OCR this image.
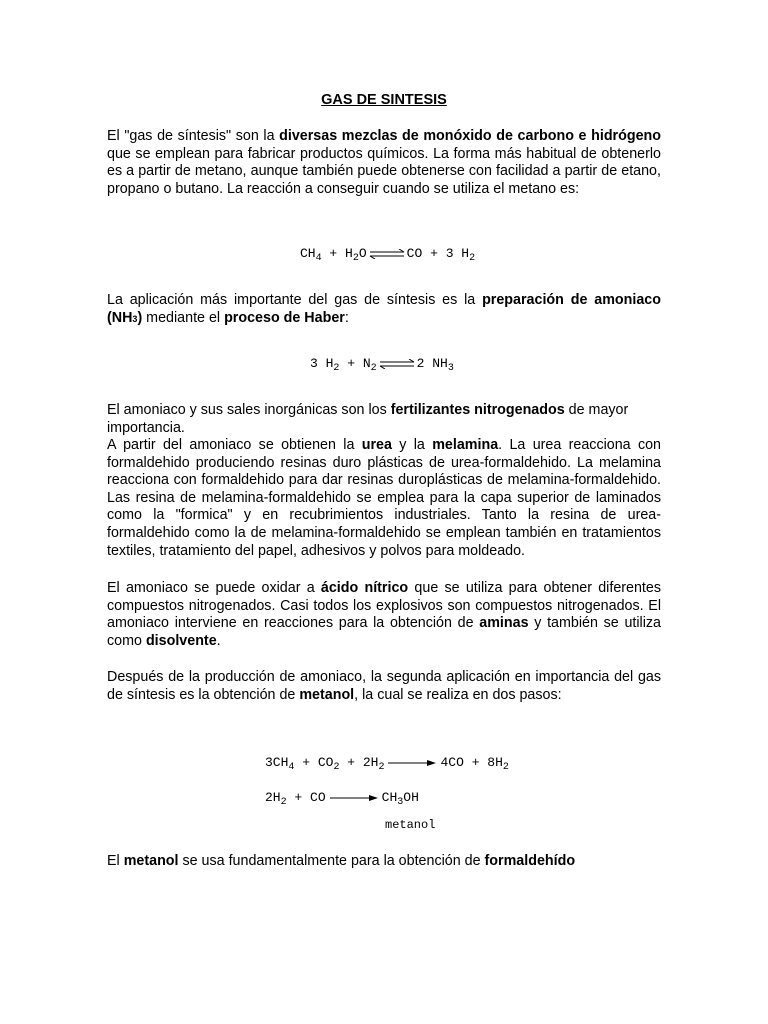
GAS DE SINTESIS

El "gas de síntesis" son la diversas mezclas de monóxido de carbono e hidrógeno que se emplean para fabricar productos químicos. La forma más habitual de obtenerlo es a partir de metano, aunque también puede obtenerse con facilidad a partir de etano, propano o butano. La reacción a conseguir cuando se utiliza el metano es:

$CH_4 + H_2O$ ⇌ CO + 3 $H_2$

La aplicación más importante del gas de síntesis es la preparación de amoniaco (NH3) mediante el proceso de Haber:

3 $H_2 + N_2$ ⇌ 2 $NH_3$

El amoniaco y sus sales inorgánicas son los fertilizantes nitrogenados de mayor importancia.

A partir del amoniaco se obtienen la urea y la melamina. La urea reacciona con formaldehido produciendo resinas duro plásticas de urea-formaldehido. La melamina reacciona con formaldehido para dar resinas duroplásticas de melamina-formaldehido. Las resina de melamina-formaldehido se emplea para la capa superior de laminados como la "formica" y en recubrimientos industriales. Tanto la resina de urea-formaldehido como la de melamina-formaldehido se emplean también en tratamientos textiles, tratamiento del papel, adhesivos y polvos para moldeado.

El amoniaco se puede oxidar a ácido nítrico que se utiliza para obtener diferentes compuestos nitrogenados. Casi todos los explosivos son compuestos nitrogenados. El amoniaco interviene en reacciones para la obtención de aminas y también se utiliza como disolvente.

Después de la producción de amoniaco, la segunda aplicación en importancia del gas de síntesis es la obtención de metanol, la cual se realiza en dos pasos:

$3CH_4 + CO_2 + 2H_2 \to 4CO + 8H_2$
$2H_2$ + CO → $CH_3OH$
metanol

El metanol se usa fundamentalmente para la obtención de formaldehído
